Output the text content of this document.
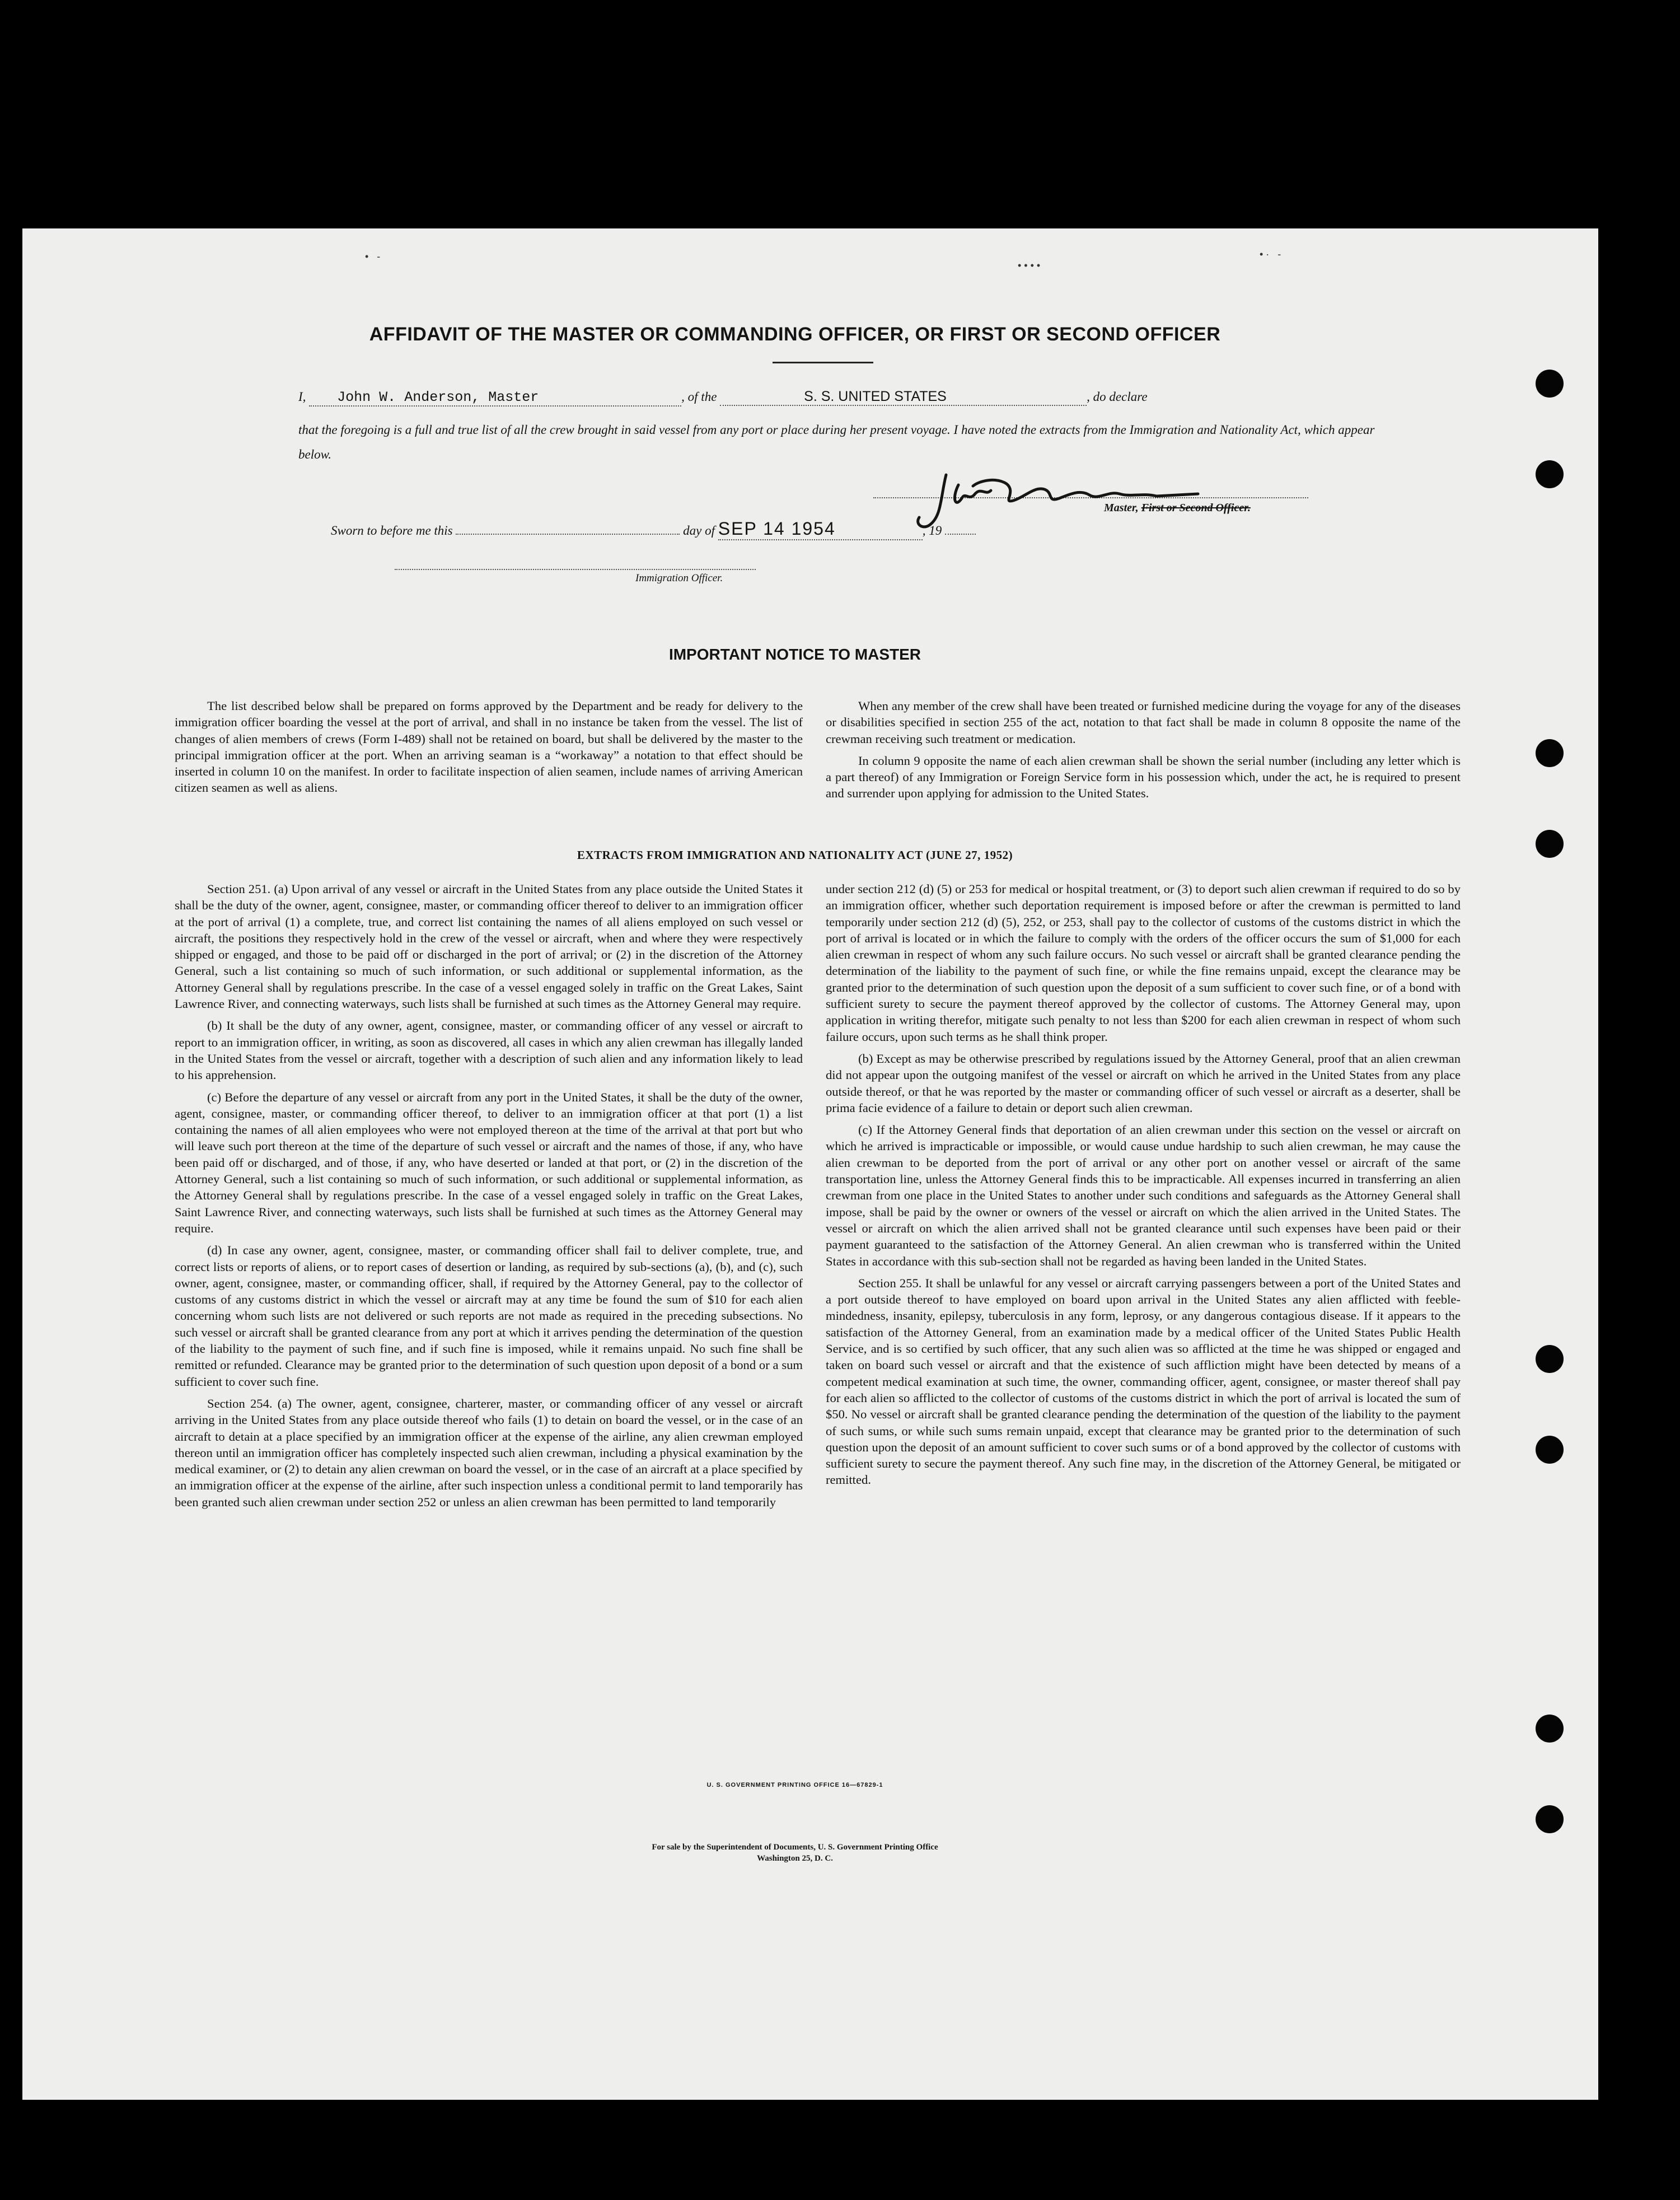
•   -
• • • •
• ·   -
AFFIDAVIT OF THE MASTER OR COMMANDING OFFICER, OR FIRST OR SECOND OFFICER
I, John W. Anderson, Master	, of the	S. S. UNITED STATES	, do declare
that the foregoing is a full and true list of all the crew brought in said vessel from any port or place during her present voyage. I have noted the extracts from the Immigration and Nationality Act, which appear below.
Master, First or Second Officer.
Sworn to before me this	day of SEP 14 1954	, 19
Immigration Officer.
IMPORTANT NOTICE TO MASTER

The list described below shall be prepared on forms approved by the Department and be ready for delivery to the immigration officer boarding the vessel at the port of arrival, and shall in no instance be taken from the vessel. The list of changes of alien members of crews (Form I-489) shall not be retained on board, but shall be delivered by the master to the principal immigration officer at the port. When an arriving seaman is a “workaway” a notation to that effect should be inserted in column 10 on the manifest. In order to facilitate inspection of alien seamen, include names of arriving American citizen seamen as well as aliens.

When any member of the crew shall have been treated or furnished medicine during the voyage for any of the diseases or disabilities specified in section 255 of the act, notation to that fact shall be made in column 8 opposite the name of the crewman receiving such treatment or medication.

In column 9 opposite the name of each alien crewman shall be shown the serial number (including any letter which is a part thereof) of any Immigration or Foreign Service form in his possession which, under the act, he is required to present and surrender upon applying for admission to the United States.

EXTRACTS FROM IMMIGRATION AND NATIONALITY ACT (JUNE 27, 1952)

Section 251. (a) Upon arrival of any vessel or aircraft in the United States from any place outside the United States it shall be the duty of the owner, agent, consignee, master, or commanding officer thereof to deliver to an immigration officer at the port of arrival (1) a complete, true, and correct list containing the names of all aliens employed on such vessel or aircraft, the positions they respectively hold in the crew of the vessel or aircraft, when and where they were respectively shipped or engaged, and those to be paid off or discharged in the port of arrival; or (2) in the discretion of the Attorney General, such a list containing so much of such information, or such additional or supplemental information, as the Attorney General shall by regulations prescribe. In the case of a vessel engaged solely in traffic on the Great Lakes, Saint Lawrence River, and connecting waterways, such lists shall be furnished at such times as the Attorney General may require.

(b) It shall be the duty of any owner, agent, consignee, master, or commanding officer of any vessel or aircraft to report to an immigration officer, in writing, as soon as discovered, all cases in which any alien crewman has illegally landed in the United States from the vessel or aircraft, together with a description of such alien and any information likely to lead to his apprehension.

(c) Before the departure of any vessel or aircraft from any port in the United States, it shall be the duty of the owner, agent, consignee, master, or commanding officer thereof, to deliver to an immigration officer at that port (1) a list containing the names of all alien employees who were not employed thereon at the time of the arrival at that port but who will leave such port thereon at the time of the departure of such vessel or aircraft and the names of those, if any, who have been paid off or discharged, and of those, if any, who have deserted or landed at that port, or (2) in the discretion of the Attorney General, such a list containing so much of such information, or such additional or supplemental information, as the Attorney General shall by regulations prescribe. In the case of a vessel engaged solely in traffic on the Great Lakes, Saint Lawrence River, and connecting waterways, such lists shall be furnished at such times as the Attorney General may require.

(d) In case any owner, agent, consignee, master, or commanding officer shall fail to deliver complete, true, and correct lists or reports of aliens, or to report cases of desertion or landing, as required by sub-sections (a), (b), and (c), such owner, agent, consignee, master, or commanding officer, shall, if required by the Attorney General, pay to the collector of customs of any customs district in which the vessel or aircraft may at any time be found the sum of $10 for each alien concerning whom such lists are not delivered or such reports are not made as required in the preceding subsections. No such vessel or aircraft shall be granted clearance from any port at which it arrives pending the determination of the question of the liability to the payment of such fine, and if such fine is imposed, while it remains unpaid. No such fine shall be remitted or refunded. Clearance may be granted prior to the determination of such question upon deposit of a bond or a sum sufficient to cover such fine.

Section 254. (a) The owner, agent, consignee, charterer, master, or commanding officer of any vessel or aircraft arriving in the United States from any place outside thereof who fails (1) to detain on board the vessel, or in the case of an aircraft to detain at a place specified by an immigration officer at the expense of the airline, any alien crewman employed thereon until an immigration officer has completely inspected such alien crewman, including a physical examination by the medical examiner, or (2) to detain any alien crewman on board the vessel, or in the case of an aircraft at a place specified by an immigration officer at the expense of the airline, after such inspection unless a conditional permit to land temporarily has been granted such alien crewman under section 252 or unless an alien crewman has been permitted to land temporarily

under section 212 (d) (5) or 253 for medical or hospital treatment, or (3) to deport such alien crewman if required to do so by an immigration officer, whether such deportation requirement is imposed before or after the crewman is permitted to land temporarily under section 212 (d) (5), 252, or 253, shall pay to the collector of customs of the customs district in which the port of arrival is located or in which the failure to comply with the orders of the officer occurs the sum of $1,000 for each alien crewman in respect of whom any such failure occurs. No such vessel or aircraft shall be granted clearance pending the determination of the liability to the payment of such fine, or while the fine remains unpaid, except the clearance may be granted prior to the determination of such question upon the deposit of a sum sufficient to cover such fine, or of a bond with sufficient surety to secure the payment thereof approved by the collector of customs. The Attorney General may, upon application in writing therefor, mitigate such penalty to not less than $200 for each alien crewman in respect of whom such failure occurs, upon such terms as he shall think proper.

(b) Except as may be otherwise prescribed by regulations issued by the Attorney General, proof that an alien crewman did not appear upon the outgoing manifest of the vessel or aircraft on which he arrived in the United States from any place outside thereof, or that he was reported by the master or commanding officer of such vessel or aircraft as a deserter, shall be prima facie evidence of a failure to detain or deport such alien crewman.

(c) If the Attorney General finds that deportation of an alien crewman under this section on the vessel or aircraft on which he arrived is impracticable or impossible, or would cause undue hardship to such alien crewman, he may cause the alien crewman to be deported from the port of arrival or any other port on another vessel or aircraft of the same transportation line, unless the Attorney General finds this to be impracticable. All expenses incurred in transferring an alien crewman from one place in the United States to another under such conditions and safeguards as the Attorney General shall impose, shall be paid by the owner or owners of the vessel or aircraft on which the alien arrived in the United States. The vessel or aircraft on which the alien arrived shall not be granted clearance until such expenses have been paid or their payment guaranteed to the satisfaction of the Attorney General. An alien crewman who is transferred within the United States in accordance with this sub-section shall not be regarded as having been landed in the United States.

Section 255. It shall be unlawful for any vessel or aircraft carrying passengers between a port of the United States and a port outside thereof to have employed on board upon arrival in the United States any alien afflicted with feeble-mindedness, insanity, epilepsy, tuberculosis in any form, leprosy, or any dangerous contagious disease. If it appears to the satisfaction of the Attorney General, from an examination made by a medical officer of the United States Public Health Service, and is so certified by such officer, that any such alien was so afflicted at the time he was shipped or engaged and taken on board such vessel or aircraft and that the existence of such affliction might have been detected by means of a competent medical examination at such time, the owner, commanding officer, agent, consignee, or master thereof shall pay for each alien so afflicted to the collector of customs of the customs district in which the port of arrival is located the sum of $50. No vessel or aircraft shall be granted clearance pending the determination of the question of the liability to the payment of such sums, or while such sums remain unpaid, except that clearance may be granted prior to the determination of such question upon the deposit of an amount sufficient to cover such sums or of a bond approved by the collector of customs with sufficient surety to secure the payment thereof. Any such fine may, in the discretion of the Attorney General, be mitigated or remitted.

U. S. GOVERNMENT PRINTING OFFICE 16—67829-1
For sale by the Superintendent of Documents, U. S. Government Printing Office
Washington 25, D. C.
